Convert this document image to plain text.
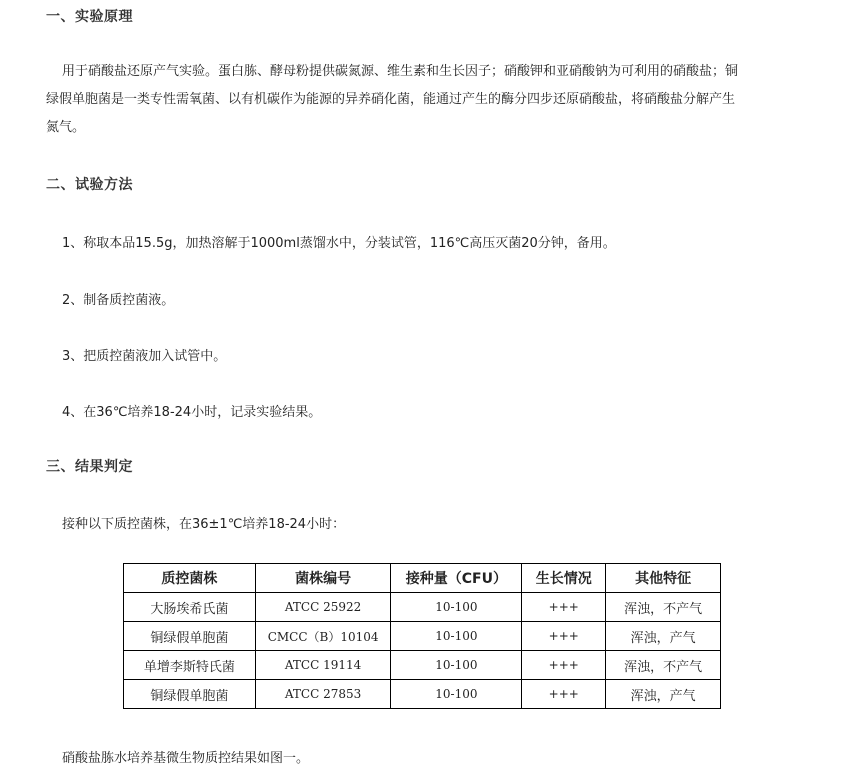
一、实验原理
用于硝酸盐还原产气实验。蛋白胨、酵母粉提供碳氮源、维生素和生长因子；硝酸钾和亚硝酸钠为可利用的硝酸盐；铜
绿假单胞菌是一类专性需氧菌、以有机碳作为能源的异养硝化菌，能通过产生的酶分四步还原硝酸盐，将硝酸盐分解产生
氮气。
二、试验方法

1、称取本品15.5g，加热溶解于1000ml蒸馏水中，分装试管，116℃高压灭菌20分钟，备用。

2、制备质控菌液。

3、把质控菌液加入试管中。

4、在36℃培养18-24小时，记录实验结果。

三、结果判定

接种以下质控菌株，在36±1℃培养18-24小时：

质控菌株	菌株编号	接种量（CFU）	生长情况	其他特征
大肠埃希氏菌	ATCC 25922	10-100	+++	浑浊，不产气
铜绿假单胞菌	CMCC（B）10104	10-100	+++	浑浊，产气
单增李斯特氏菌	ATCC 19114	10-100	+++	浑浊，不产气
铜绿假单胞菌	ATCC 27853	10-100	+++	浑浊，产气

硝酸盐胨水培养基微生物质控结果如图一。
